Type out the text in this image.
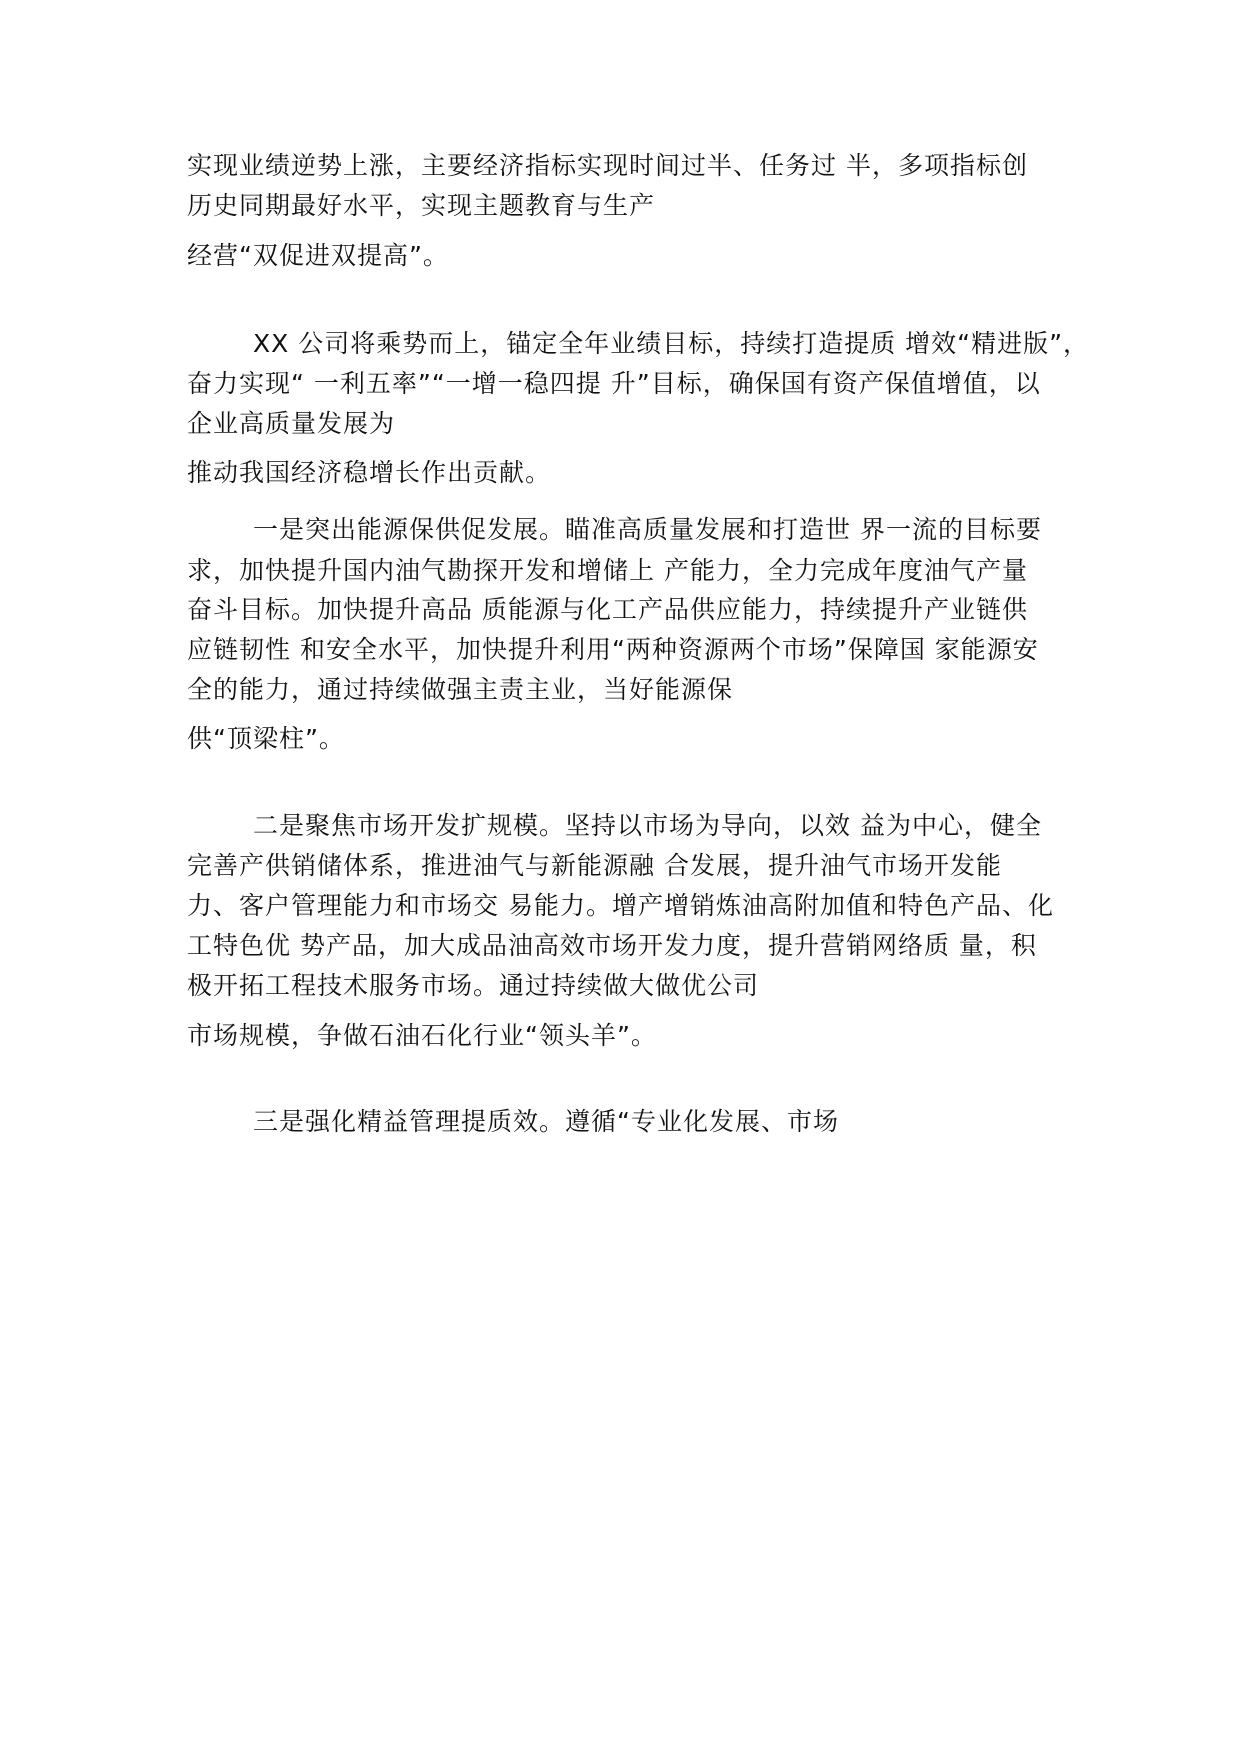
实现业绩逆势上涨，主要经济指标实现时间过半、任务过 半，多项指标创
历史同期最好水平，实现主题教育与生产
经营“双促进双提高”。
XX 公司将乘势而上，锚定全年业绩目标，持续打造提质 增效“精进版”，
奋力实现“ 一利五率”“一增一稳四提 升”目标，确保国有资产保值增值，以
企业高质量发展为
推动我国经济稳增长作出贡献。
一是突出能源保供促发展。瞄准高质量发展和打造世 界一流的目标要
求，加快提升国内油气勘探开发和增储上 产能力，全力完成年度油气产量
奋斗目标。加快提升高品 质能源与化工产品供应能力，持续提升产业链供
应链韧性 和安全水平，加快提升利用“两种资源两个市场”保障国 家能源安
全的能力，通过持续做强主责主业，当好能源保
供“顶梁柱”。
二是聚焦市场开发扩规模。坚持以市场为导向，以效 益为中心，健全
完善产供销储体系，推进油气与新能源融 合发展，提升油气市场开发能
力、客户管理能力和市场交 易能力。增产增销炼油高附加值和特色产品、化
工特色优 势产品，加大成品油高效市场开发力度，提升营销网络质 量，积
极开拓工程技术服务市场。通过持续做大做优公司
市场规模，争做石油石化行业“领头羊”。
三是强化精益管理提质效。遵循“专业化发展、市场
